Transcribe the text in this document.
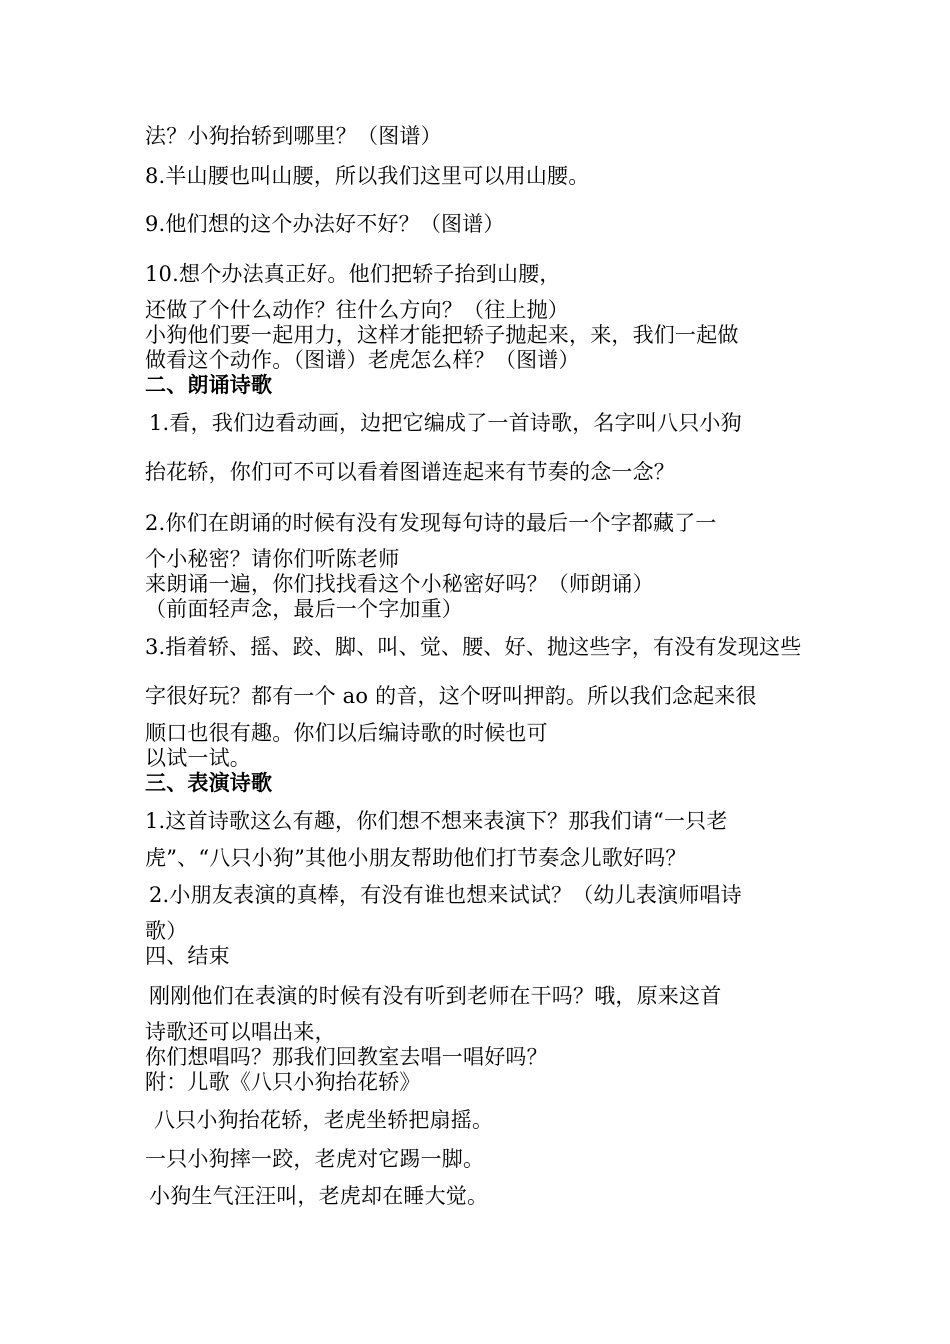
法？小狗抬轿到哪里？（图谱）
8.半山腰也叫山腰，所以我们这里可以用山腰。
9.他们想的这个办法好不好？（图谱）
10.想个办法真正好。他们把轿子抬到山腰，
还做了个什么动作？往什么方向？（往上抛）
小狗他们要一起用力，这样才能把轿子抛起来，来，我们一起做
做看这个动作。（图谱）老虎怎么样？（图谱）
二、朗诵诗歌
1.看，我们边看动画，边把它编成了一首诗歌，名字叫八只小狗
抬花轿，你们可不可以看着图谱连起来有节奏的念一念？
2.你们在朗诵的时候有没有发现每句诗的最后一个字都藏了一
个小秘密？请你们听陈老师
来朗诵一遍，你们找找看这个小秘密好吗？（师朗诵）
（前面轻声念，最后一个字加重）
3.指着轿、摇、跤、脚、叫、觉、腰、好、抛这些字，有没有发现这些
字很好玩？都有一个 ao 的音，这个呀叫押韵。所以我们念起来很
顺口也很有趣。你们以后编诗歌的时候也可
以试一试。
三、表演诗歌
1.这首诗歌这么有趣，你们想不想来表演下？那我们请“一只老
虎”、“八只小狗”其他小朋友帮助他们打节奏念儿歌好吗？
2.小朋友表演的真棒，有没有谁也想来试试？（幼儿表演师唱诗
歌）
四、结束
刚刚他们在表演的时候有没有听到老师在干吗？哦，原来这首
诗歌还可以唱出来，
你们想唱吗？那我们回教室去唱一唱好吗？
附：儿歌《八只小狗抬花轿》
八只小狗抬花轿，老虎坐轿把扇摇。
一只小狗摔一跤，老虎对它踢一脚。
小狗生气汪汪叫，老虎却在睡大觉。
